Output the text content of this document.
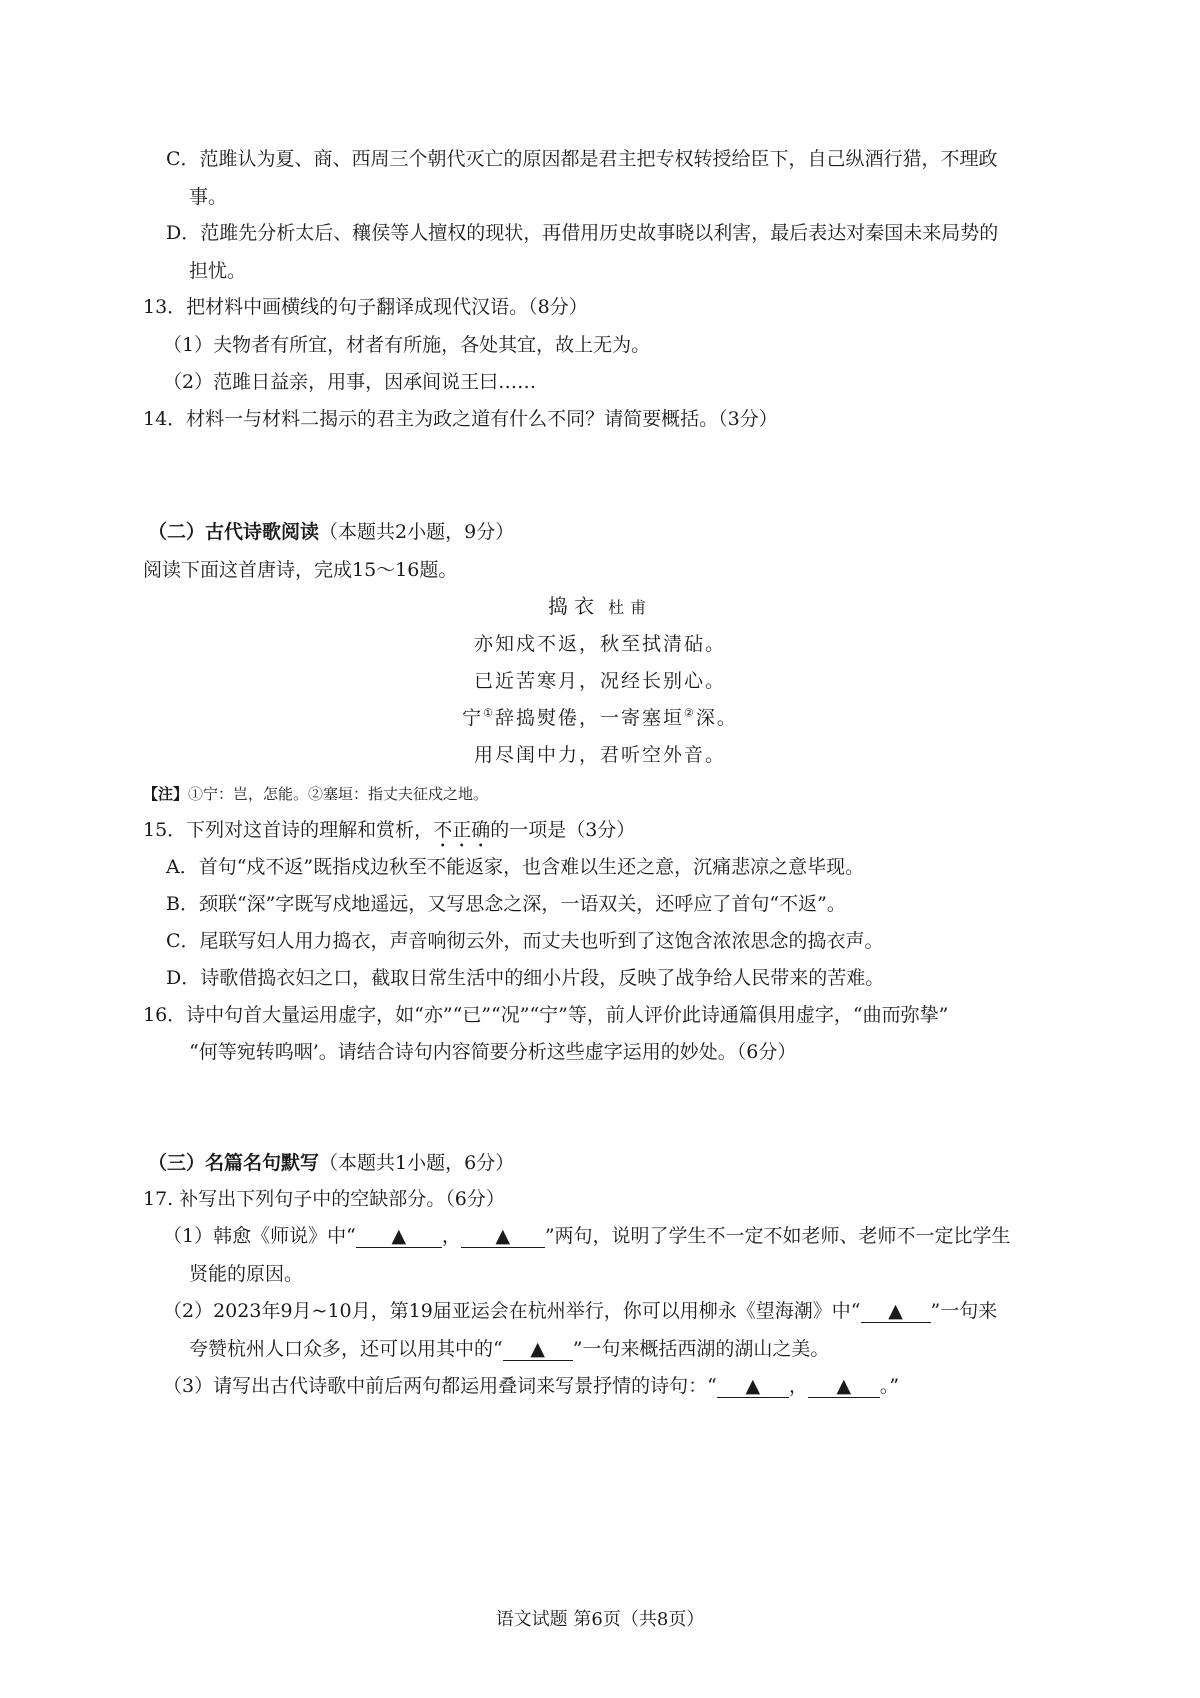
C．范雎认为夏、商、西周三个朝代灭亡的原因都是君主把专权转授给臣下，自己纵酒行猎，不理政
事。
D．范雎先分析太后、穰侯等人擅权的现状，再借用历史故事晓以利害，最后表达对秦国未来局势的
担忧。
13．把材料中画横线的句子翻译成现代汉语。（8分）
（1）夫物者有所宜，材者有所施，各处其宜，故上无为。
（2）范雎日益亲，用事，因承间说王曰……
14．材料一与材料二揭示的君主为政之道有什么不同？请简要概括。（3分）
（二）古代诗歌阅读（本题共2小题，9分）
阅读下面这首唐诗，完成15～16题。
捣 衣 杜甫
亦知戍不返，秋至拭清砧。
已近苦寒月，况经长别心。
宁①辞捣熨倦，一寄塞垣②深。
用尽闺中力，君听空外音。
【注】①宁：岂，怎能。②塞垣：指丈夫征戍之地。
15．下列对这首诗的理解和赏析，不正确的一项是（3分）
A．首句“戍不返”既指戍边秋至不能返家，也含难以生还之意，沉痛悲凉之意毕现。
B．颈联“深”字既写戍地遥远，又写思念之深，一语双关，还呼应了首句“不返”。
C．尾联写妇人用力捣衣，声音响彻云外，而丈夫也听到了这饱含浓浓思念的捣衣声。
D．诗歌借捣衣妇之口，截取日常生活中的细小片段，反映了战争给人民带来的苦难。
16．诗中句首大量运用虚字，如“亦”“已”“况”“宁”等，前人评价此诗通篇俱用虚字，“曲而弥挚”
“何等宛转呜咽’。请结合诗句内容简要分析这些虚字运用的妙处。（6分）
（三）名篇名句默写（本题共1小题，6分）
17. 补写出下列句子中的空缺部分。（6分）
（1）韩愈《师说》中“ ▲ ， ▲ ”两句，说明了学生不一定不如老师、老师不一定比学生
贤能的原因。
（2）2023年9月~10月，第19届亚运会在杭州举行，你可以用柳永《望海潮》中“ ▲ ”一句来
夸赞杭州人口众多，还可以用其中的“ ▲ ”一句来概括西湖的湖山之美。
（3）请写出古代诗歌中前后两句都运用叠词来写景抒情的诗句：“ ▲ ， ▲ 。”
语文试题 第6页（共8页）
